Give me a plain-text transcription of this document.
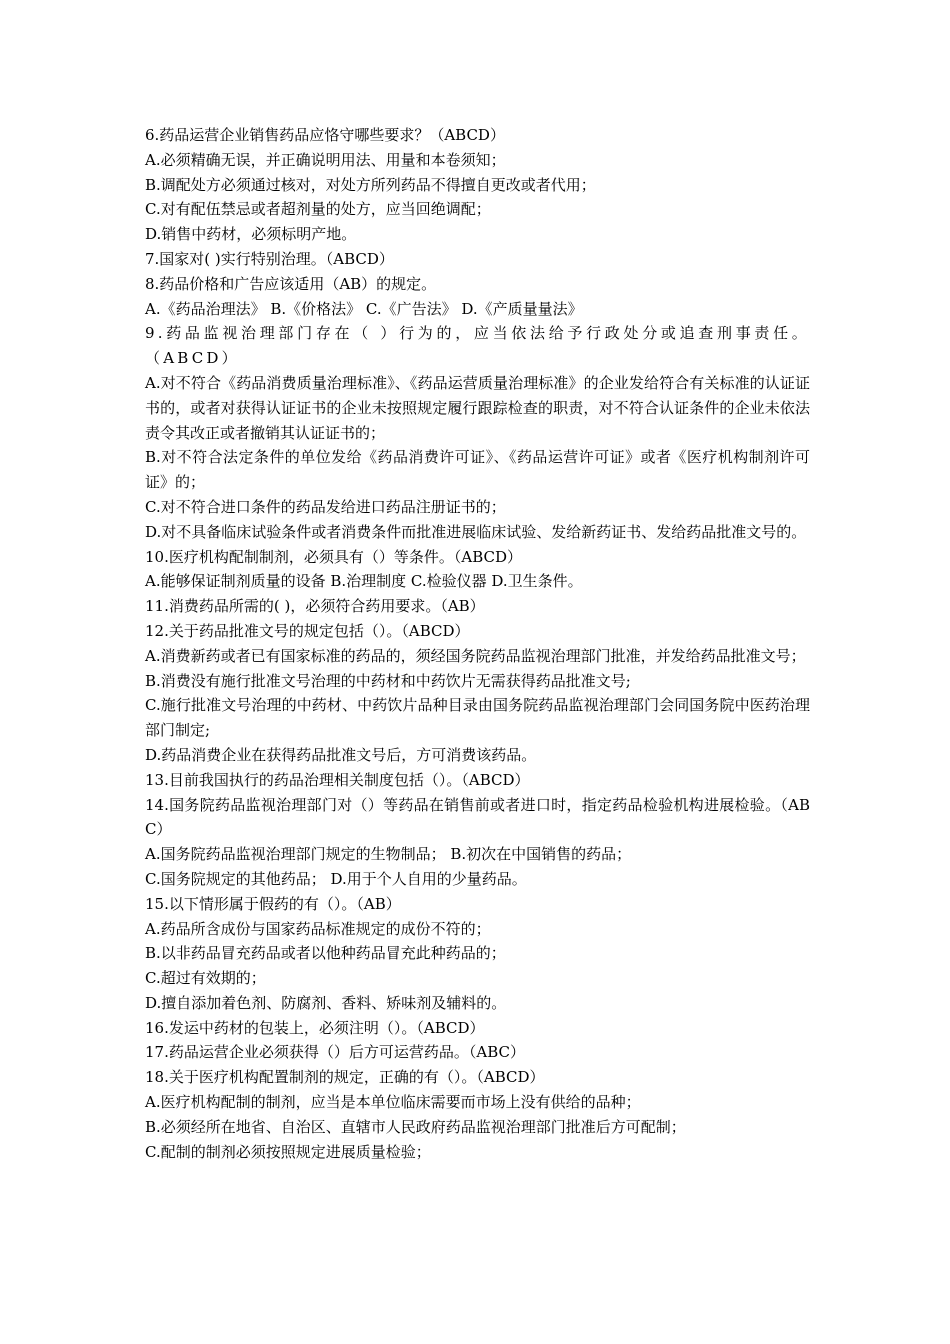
6.药品运营企业销售药品应恪守哪些要求？（ABCD）

A.必须精确无误，并正确说明用法、用量和本卷须知；

B.调配处方必须通过核对，对处方所列药品不得擅自更改或者代用；

C.对有配伍禁忌或者超剂量的处方，应当回绝调配；

D.销售中药材，必须标明产地。

7.国家对( )实行特别治理。（ABCD）

8.药品价格和广告应该适用（AB）的规定。

A.《药品治理法》 B.《价格法》 C.《广告法》 D.《产质量量法》

9.药品监视治理部门存在（ ）行为的，应当依法给予行政处分或追查刑事责任。（ABCD）

A.对不符合《药品消费质量治理标准》、《药品运营质量治理标准》的企业发给符合有关标准的认证证书的，或者对获得认证证书的企业未按照规定履行跟踪检查的职责，对不符合认证条件的企业未依法责令其改正或者撤销其认证证书的；

B.对不符合法定条件的单位发给《药品消费许可证》、《药品运营许可证》或者《医疗机构制剂许可证》的；

C.对不符合进口条件的药品发给进口药品注册证书的；

D.对不具备临床试验条件或者消费条件而批准进展临床试验、发给新药证书、发给药品批准文号的。

10.医疗机构配制制剂，必须具有（）等条件。（ABCD）

A.能够保证制剂质量的设备 B.治理制度 C.检验仪器 D.卫生条件。

11.消费药品所需的( )，必须符合药用要求。（AB）

12.关于药品批准文号的规定包括（）。（ABCD）

A.消费新药或者已有国家标准的药品的，须经国务院药品监视治理部门批准，并发给药品批准文号；

B.消费没有施行批准文号治理的中药材和中药饮片无需获得药品批准文号;

C.施行批准文号治理的中药材、中药饮片品种目录由国务院药品监视治理部门会同国务院中医药治理部门制定;

D.药品消费企业在获得药品批准文号后，方可消费该药品。

13.目前我国执行的药品治理相关制度包括（）。（ABCD）

14.国务院药品监视治理部门对（）等药品在销售前或者进口时，指定药品检验机构进展检验。（ABC）

A.国务院药品监视治理部门规定的生物制品； B.初次在中国销售的药品；

C.国务院规定的其他药品； D.用于个人自用的少量药品。

15.以下情形属于假药的有（）。（AB）

A.药品所含成份与国家药品标准规定的成份不符的；

B.以非药品冒充药品或者以他种药品冒充此种药品的；

C.超过有效期的；

D.擅自添加着色剂、防腐剂、香料、矫味剂及辅料的。

16.发运中药材的包装上，必须注明（）。（ABCD）

17.药品运营企业必须获得（）后方可运营药品。（ABC）

18.关于医疗机构配置制剂的规定，正确的有（）。（ABCD）

A.医疗机构配制的制剂，应当是本单位临床需要而市场上没有供给的品种；

B.必须经所在地省、自治区、直辖市人民政府药品监视治理部门批准后方可配制；

C.配制的制剂必须按照规定进展质量检验；
